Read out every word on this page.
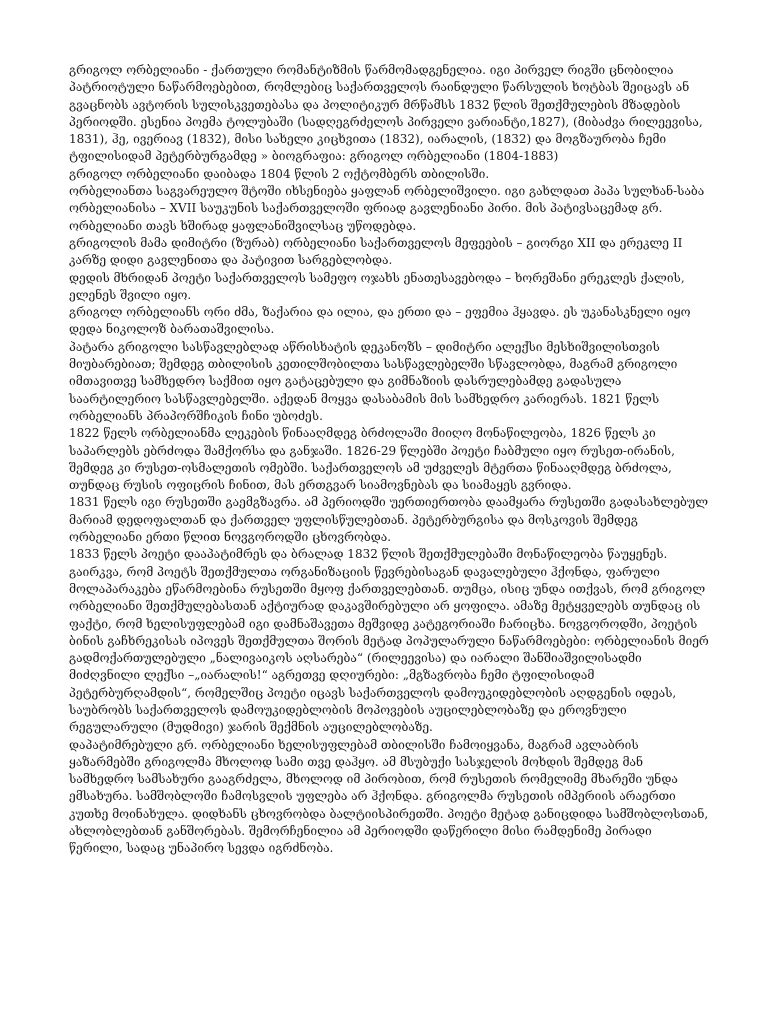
გრიგოლ ორბელიანი - ქართული რომანტიზმის წარმომადგენელია. იგი პირველ რიგში ცნობილია პატრიოტული ნაწარმოებებით, რომლებიც საქართველოს რაინდული წარსულის ხოტბას შეიცავს ან გვაცნობს ავტორის სულისკვეთებასა და პოლიტიკურ მრწამსს 1832 წლის შეთქმულების მზადების პერიოდში. ესენია პოემა ტოლუბაში (სადღეგრძელოს პირველი ვარიანტი,1827), (მიბაძვა რილეევისა, 1831), ჰე, ივერიავ (1832), მისი სახელი კიცხვითა (1832), იარალის, (1832) და მოგზაურობა ჩემი ტფილისიდამ პეტერბურგამდე » ბიოგრაფია: გრიგოლ ორბელიანი (1804-1883)

გრიგოლ ორბელიანი დაიბადა 1804 წლის 2 ოქტომბერს თბილისში.

ორბელიანთა საგვარეულო შტოში იხსენიება ყაფლან ორბელიშვილი. იგი გახლდათ პაპა სულხან-საბა ორბელიანისა – XVII საუკუნის საქართველოში ფრიად გავლენიანი პირი. მის პატივსაცემად გრ. ორბელიანი თავს ხშირად ყაფლანიშვილსაც უწოდებდა.

გრიგოლის მამა დიმიტრი (ზურაბ) ორბელიანი საქართველოს მეფეების – გიორგი XII და ერეკლე II კარზე დიდი გავლენითა და პატივით სარგებლობდა.

დედის მხრიდან პოეტი საქართველოს სამეფო ოჯახს ენათესავებოდა – ხორეშანი ერეკლეს ქალის, ელენეს შვილი იყო.

გრიგოლ ორბელიანს ორი ძმა, ზაქარია და ილია, და ერთი და – ეფემია ჰყავდა. ეს უკანასკნელი იყო დედა ნიკოლოზ ბარათაშვილისა.

პატარა გრიგოლი სასწავლებლად აწრისხატის დეკანოზს – დიმიტრი ალექსი მესხიშვილისთვის მიუბარებიათ; შემდეგ თბილისის კეთილშობილთა სასწავლებელში სწავლობდა, მაგრამ გრიგოლი იმთავითვე სამხედრო საქმით იყო გატაცებული და გიმნაზიის დასრულებამდე გადასულა საარტილერიო სასწავლებელში. აქედან მოყვა დასაბამის მის სამხედრო კარიერას. 1821 წელს ორბელიანს პრაპორშჩიკის ჩინი უბოძეს.

1822 წელს ორბელიანმა ლეკების წინააღმდეგ ბრძოლაში მიიღო მონაწილეობა, 1826 წელს კი საპარლებს ებრძოდა შამქორსა და განჯაში. 1826-29 წლებში პოეტი ჩაბმული იყო რუსეთ-ირანის, შემდეგ კი რუსეთ-ოსმალეთის ომებში. საქართველოს ამ უძველეს მტერთა წინააღმდეგ ბრძოლა, თუნდაც რუსის ოფიცრის ჩინით, მას ერთგვარ სიამოვნებას და სიამაყეს გვრიდა.

1831 წელს იგი რუსეთში გაემგზავრა. ამ პერიოდში უერთიერთობა დაამყარა რუსეთში გადასახლებულ მარიამ დედოფალთან და ქართველ უფლისწულებთან. პეტერბურგისა და მოსკოვის შემდეგ ორბელიანი ერთი წლით ნოვგოროდში ცხოვრობდა.

1833 წელს პოეტი დააპატიმრეს და ბრალად 1832 წლის შეთქმულებაში მონაწილეობა წაუყენეს. გაირკვა, რომ პოეტს შეთქმულთა ორგანიზაციის წევრებისაგან დავალებული ჰქონდა, ფარული მოლაპარაკება ეწარმოებინა რუსეთში მყოფ ქართველებთან. თუმცა, ისიც უნდა ითქვას, რომ გრიგოლ ორბელიანი შეთქმულებასთან აქტიურად დაკავშირებული არ ყოფილა. ამაზე მეტყველებს თუნდაც ის ფაქტი, რომ ხელისუფლებამ იგი დამნაშავეთა მეშვიდე კატეგორიაში ჩარიცხა. ნოვგოროდში, პოეტის ბინის გაჩხრეკისას იპოვეს შეთქმულთა შორის მეტად პოპულარული ნაწარმოებები: ორბელიანის მიერ გადმოქართულებული „ნალივაიკოს აღსარება“ (რილეევისა) და იარალი შანშიაშვილისადმი მიძღვნილი ლექსი –„იარალის!“ აგრეთვე დღიურები: „მგზავრობა ჩემი ტფილისიდამ პეტერბურღამდის“, რომელშიც პოეტი იცავს საქართველოს დამოუკიდებლობის აღდგენის იდეას, საუბრობს საქართველოს დამოუკიდებლობის მოპოვების აუცილებლობაზე და ეროვნული რეგულარული (მუდმივი) ჯარის შექმნის აუცილებლობაზე.

დაპატიმრებული გრ. ორბელიანი ხელისუფლებამ თბილისში ჩამოიყვანა, მაგრამ ავლაბრის ყაზარმებში გრიგოლმა მხოლოდ სამი თვე დაჰყო. ამ მსუბუქი სასჯელის მოხდის შემდეგ მან სამხედრო სამსახური გააგრძელა, მხოლოდ იმ პირობით, რომ რუსეთის რომელიმე მხარეში უნდა ემსახურა. სამშობლოში ჩამოსვლის უფლება არ ჰქონდა. გრიგოლმა რუსეთის იმპერიის არაერთი კუთხე მოინახულა. დიდხანს ცხოვრობდა ბალტიისპირეთში. პოეტი მეტად განიცდიდა სამშობლოსთან, ახლობლებთან განშორებას. შემორჩენილია ამ პერიოდში დაწერილი მისი რამდენიმე პირადი წერილი, სადაც უნაპირო სევდა იგრძნობა.
